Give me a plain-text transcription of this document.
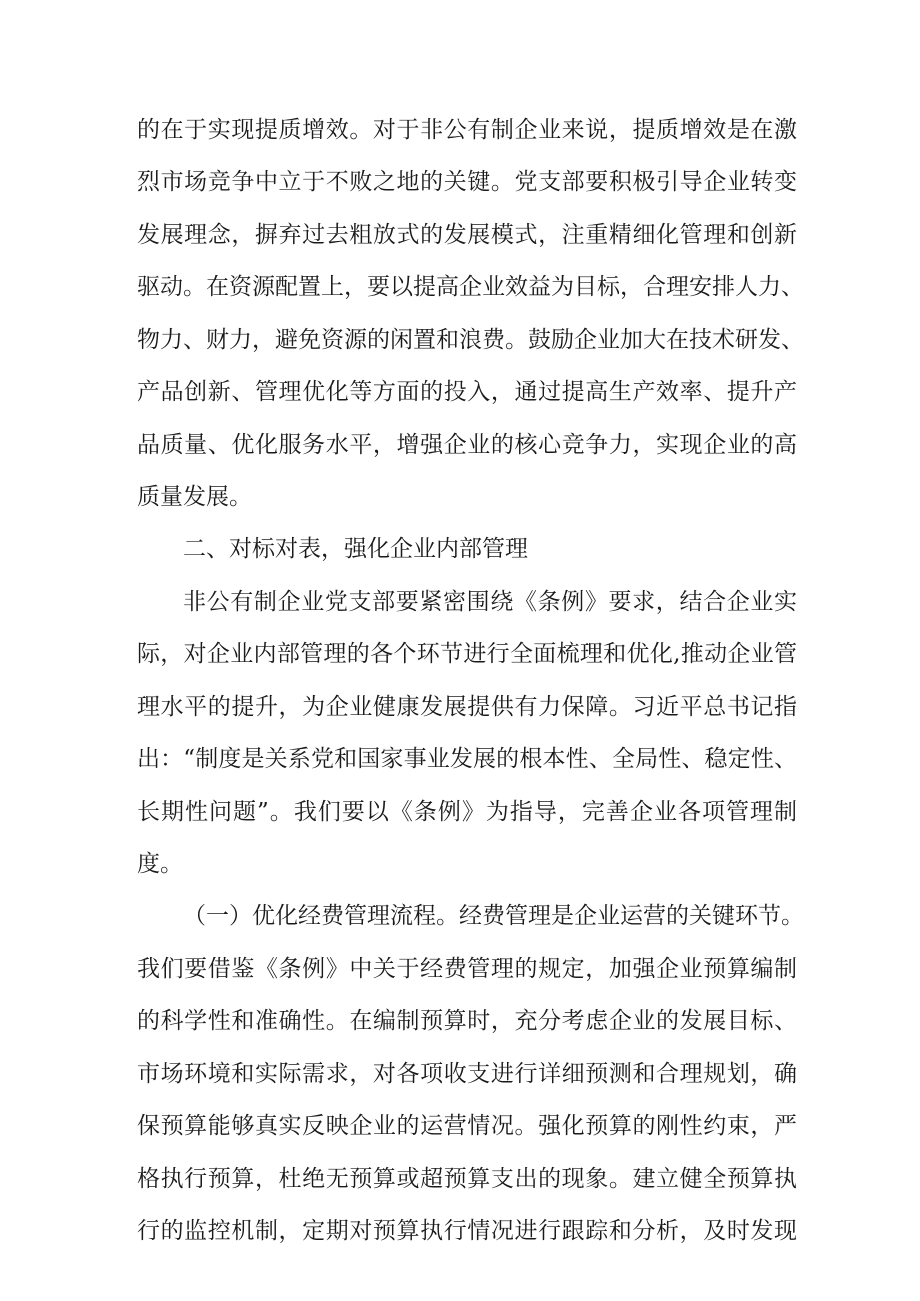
的在于实现提质增效。对于非公有制企业来说，提质增效是在激
烈市场竞争中立于不败之地的关键。党支部要积极引导企业转变
发展理念，摒弃过去粗放式的发展模式，注重精细化管理和创新
驱动。在资源配置上，要以提高企业效益为目标，合理安排人力、
物力、财力，避免资源的闲置和浪费。鼓励企业加大在技术研发、
产品创新、管理优化等方面的投入，通过提高生产效率、提升产
品质量、优化服务水平，增强企业的核心竞争力，实现企业的高
质量发展。
二、对标对表，强化企业内部管理
非公有制企业党支部要紧密围绕《条例》要求，结合企业实
际，对企业内部管理的各个环节进行全面梳理和优化,推动企业管
理水平的提升，为企业健康发展提供有力保障。习近平总书记指
出：“制度是关系党和国家事业发展的根本性、全局性、稳定性、
长期性问题”。我们要以《条例》为指导，完善企业各项管理制
度。
（一）优化经费管理流程。经费管理是企业运营的关键环节。
我们要借鉴《条例》中关于经费管理的规定，加强企业预算编制
的科学性和准确性。在编制预算时，充分考虑企业的发展目标、
市场环境和实际需求，对各项收支进行详细预测和合理规划，确
保预算能够真实反映企业的运营情况。强化预算的刚性约束，严
格执行预算，杜绝无预算或超预算支出的现象。建立健全预算执
行的监控机制，定期对预算执行情况进行跟踪和分析，及时发现
